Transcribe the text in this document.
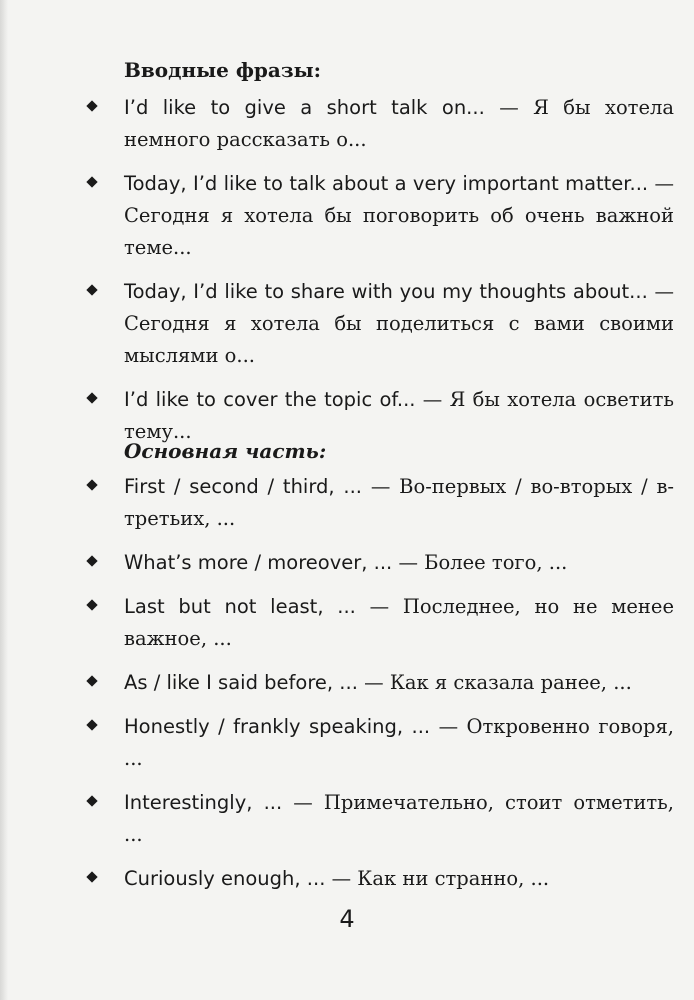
Вводные фразы:
I’d like to give a short talk on... — Я бы хотела немного рассказать о...
Today, I’d like to talk about a very important matter... — Сегодня я хотела бы поговорить об очень важной теме...
Today, I’d like to share with you my thoughts about... — Сегодня я хотела бы поделиться с вами своими мыслями о...
I’d like to cover the topic of... — Я бы хотела осветить тему...
Основная часть:
First / second / third, ... — Во-первых / во-вторых / в-третьих, ...
What’s more / moreover, ... — Более того, ...
Last but not least, ... — Последнее, но не менее важное, ...
As / like I said before, ... — Как я сказала ранее, ...
Honestly / frankly speaking, ... — Откровенно говоря, ...
Interestingly, ... — Примечательно, стоит отметить, ...
Curiously enough, ... — Как ни странно, ...
4
